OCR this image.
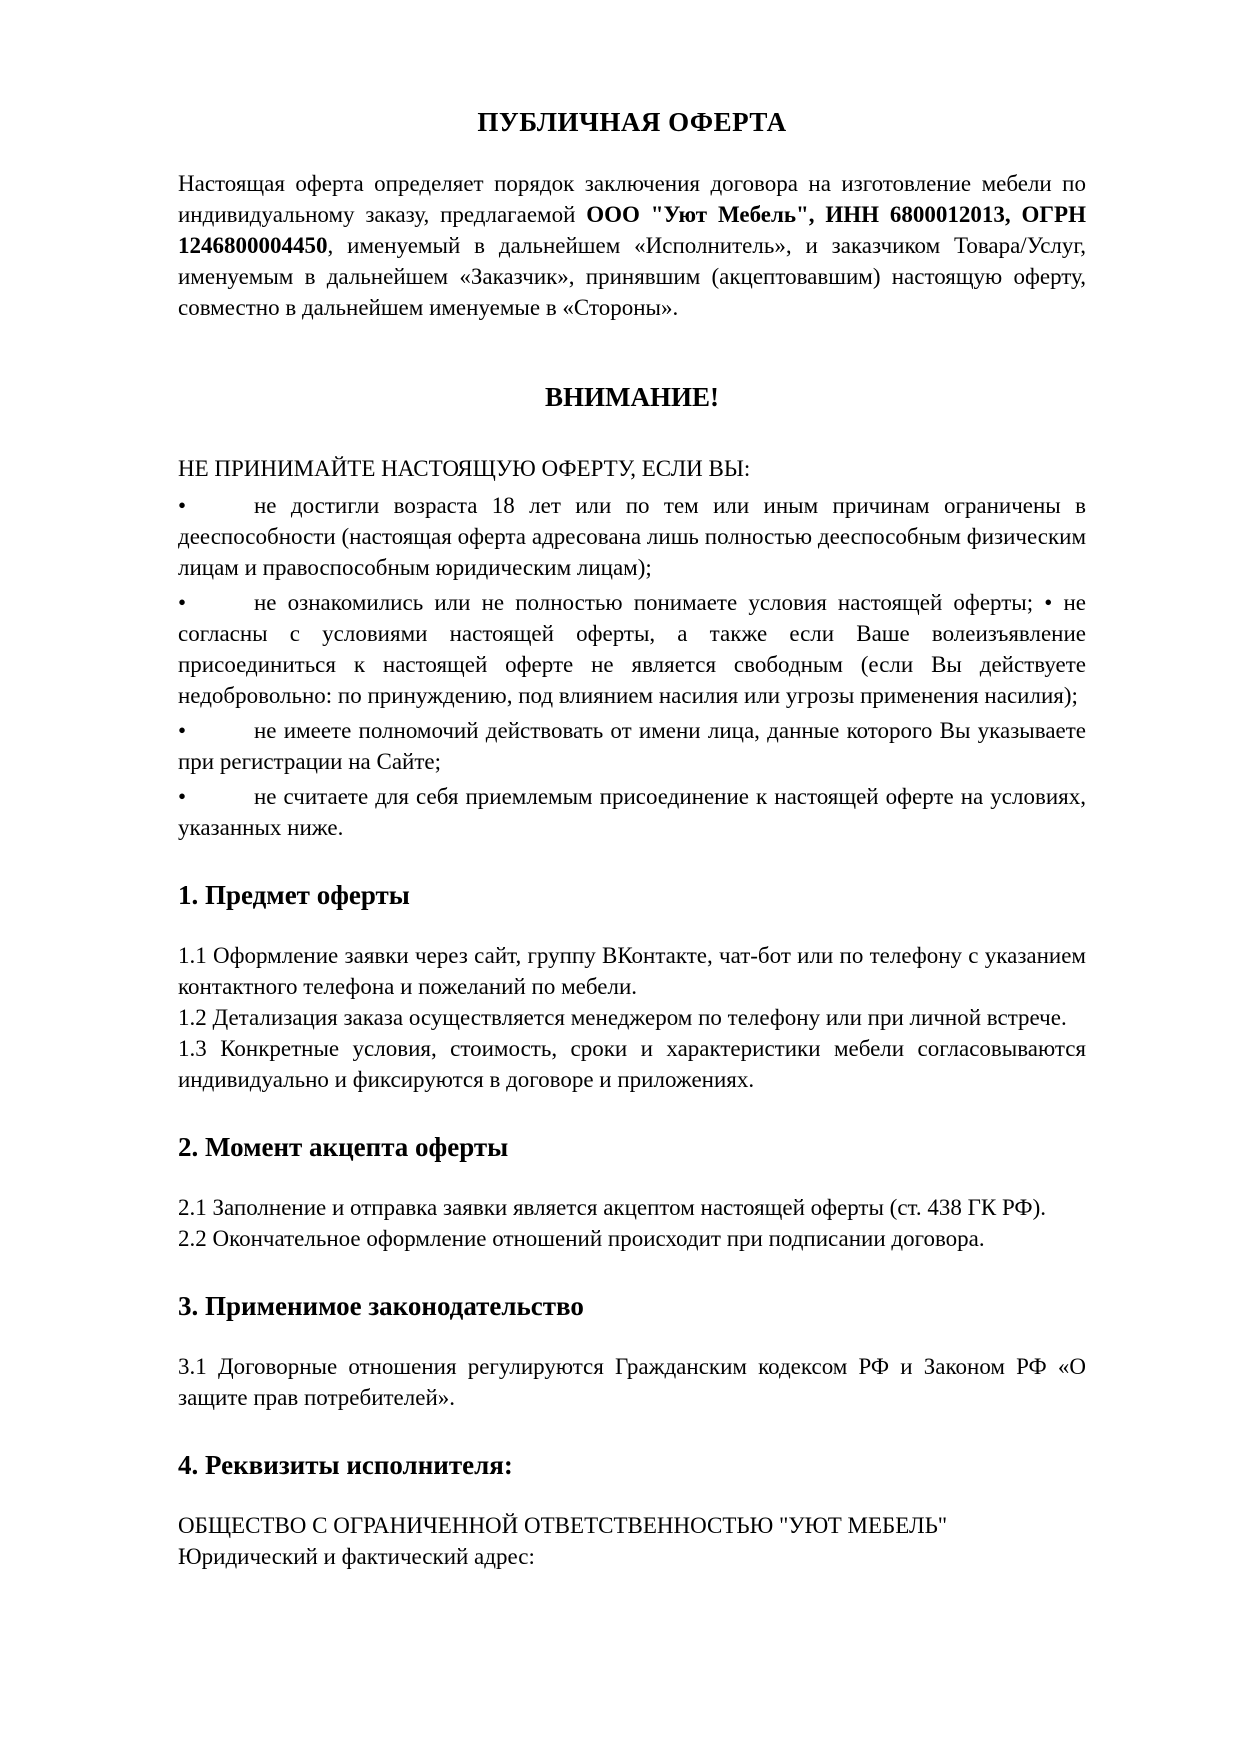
ПУБЛИЧНАЯ ОФЕРТА

Настоящая оферта определяет порядок заключения договора на изготовление мебели по индивидуальному заказу, предлагаемой ООО "Уют Мебель", ИНН 6800012013, ОГРН 1246800004450, именуемый в дальнейшем «Исполнитель», и заказчиком Товара/Услуг, именуемым в дальнейшем «Заказчик», принявшим (акцептовавшим) настоящую оферту, совместно в дальнейшем именуемые в «Стороны».

ВНИМАНИЕ!

НЕ ПРИНИМАЙТЕ НАСТОЯЩУЮ ОФЕРТУ, ЕСЛИ ВЫ:

•	не достигли возраста 18 лет или по тем или иным причинам ограничены в дееспособности (настоящая оферта адресована лишь полностью дееспособным физическим лицам и правоспособным юридическим лицам);

•	не ознакомились или не полностью понимаете условия настоящей оферты; • не согласны с условиями настоящей оферты, а также если Ваше волеизъявление присоединиться к настоящей оферте не является свободным (если Вы действуете недобровольно: по принуждению, под влиянием насилия или угрозы применения насилия);

•	не имеете полномочий действовать от имени лица, данные которого Вы указываете при регистрации на Сайте;

•	не считаете для себя приемлемым присоединение к настоящей оферте на условиях, указанных ниже.

1. Предмет оферты

1.1 Оформление заявки через сайт, группу ВКонтакте, чат-бот или по телефону с указанием контактного телефона и пожеланий по мебели.

1.2 Детализация заказа осуществляется менеджером по телефону или при личной встрече.

1.3 Конкретные условия, стоимость, сроки и характеристики мебели согласовываются индивидуально и фиксируются в договоре и приложениях.

2. Момент акцепта оферты

2.1 Заполнение и отправка заявки является акцептом настоящей оферты (ст. 438 ГК РФ).

2.2 Окончательное оформление отношений происходит при подписании договора.

3. Применимое законодательство

3.1 Договорные отношения регулируются Гражданским кодексом РФ и Законом РФ «О защите прав потребителей».

4. Реквизиты исполнителя:

ОБЩЕСТВО С ОГРАНИЧЕННОЙ ОТВЕТСТВЕННОСТЬЮ "УЮТ МЕБЕЛЬ"

Юридический и фактический адрес:
